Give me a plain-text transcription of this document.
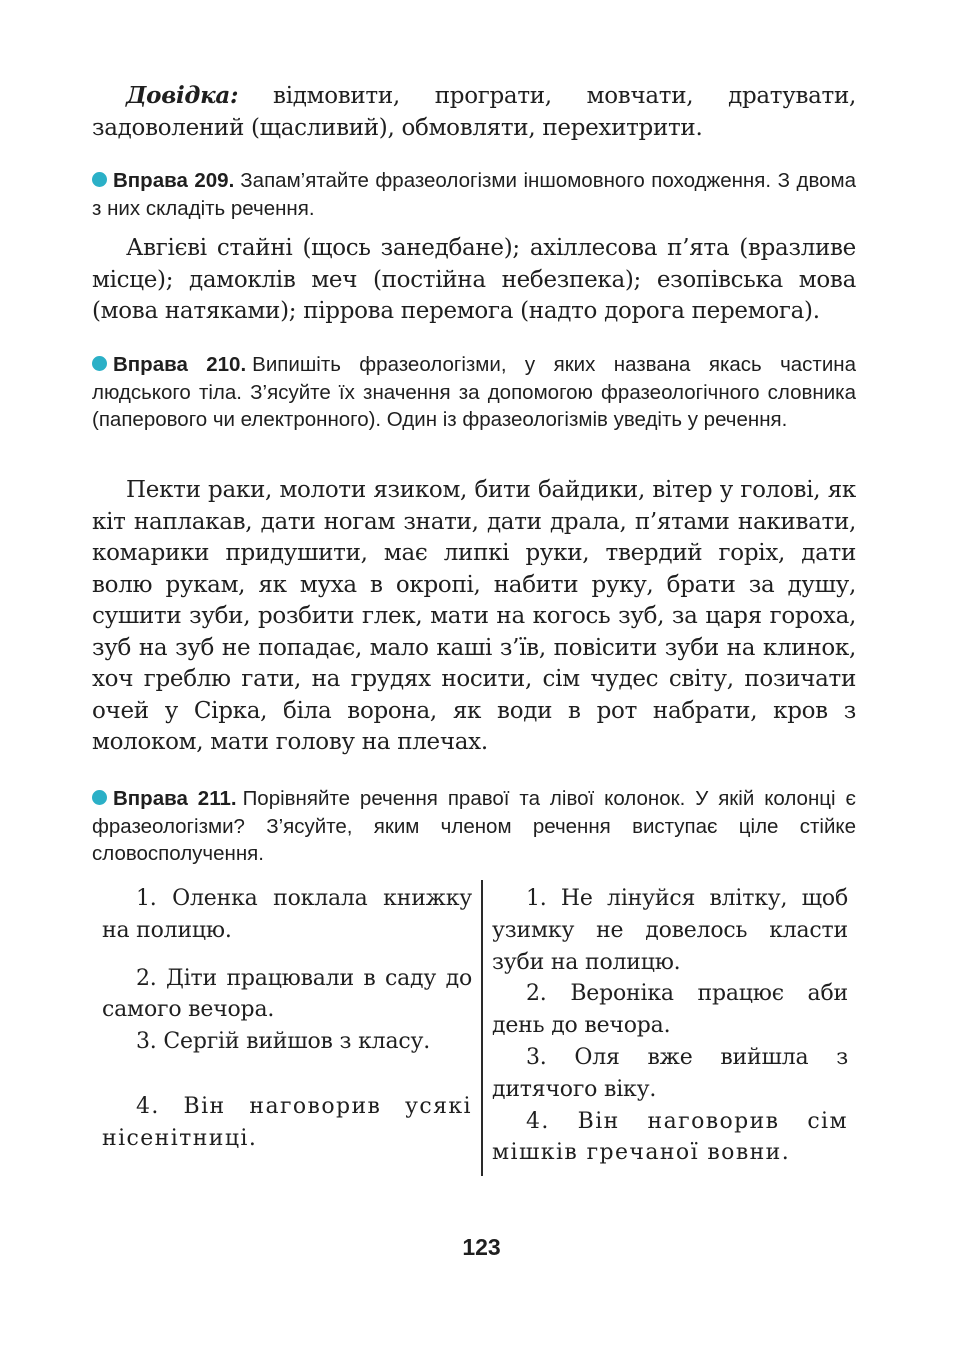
Довідка: відмовити, програти, мовчати, дратувати, задоволений (щасливий), обмовляти, перехитрити.

Вправа 209. Запам’ятайте фразеологізми іншомовного походження. З двома з них складіть речення.

Авгієві стайні (щось занедбане); ахіллесова п’ята (вразливе місце); дамоклів меч (постійна небезпека); езопівська мова (мова натяками); піррова перемога (надто дорога перемога).

Вправа 210. Випишіть фразеологізми, у яких названа якась частина людського тіла. З’ясуйте їх значення за допомогою фразеологічного словника (паперового чи електронного). Один із фразеологізмів уведіть у речення.

Пекти раки, молоти язиком, бити байдики, вітер у голові, як кіт наплакав, дати ногам знати, дати драла, п’ятами накивати, комарики придушити, має липкі руки, твердий горіх, дати волю рукам, як муха в окропі, набити руку, брати за душу, сушити зуби, розбити глек, мати на когось зуб, за царя гороха, зуб на зуб не попадає, мало каші з’їв, повісити зуби на клинок, хоч греблю гати, на грудях носити, сім чудес світу, позичати очей у Сірка, біла ворона, як води в рот набрати, кров з молоком, мати голову на плечах.

Вправа 211. Порівняйте речення правої та лівої колонок. У якій колонці є фразеологізми? З’ясуйте, яким членом речення виступає ціле стійке словосполучення.

1. Оленка поклала книжку на полицю.

2. Діти працювали в саду до самого вечора.

3. Сергій вийшов з класу.

4. Він наговорив усякі нісенітниці.

1. Не лінуйся влітку, щоб узимку не довелось класти зуби на полицю.

2. Вероніка працює аби день до вечора.

3. Оля вже вийшла з дитячого віку.

4. Він наговорив сім мішків гречаної вовни.

123
